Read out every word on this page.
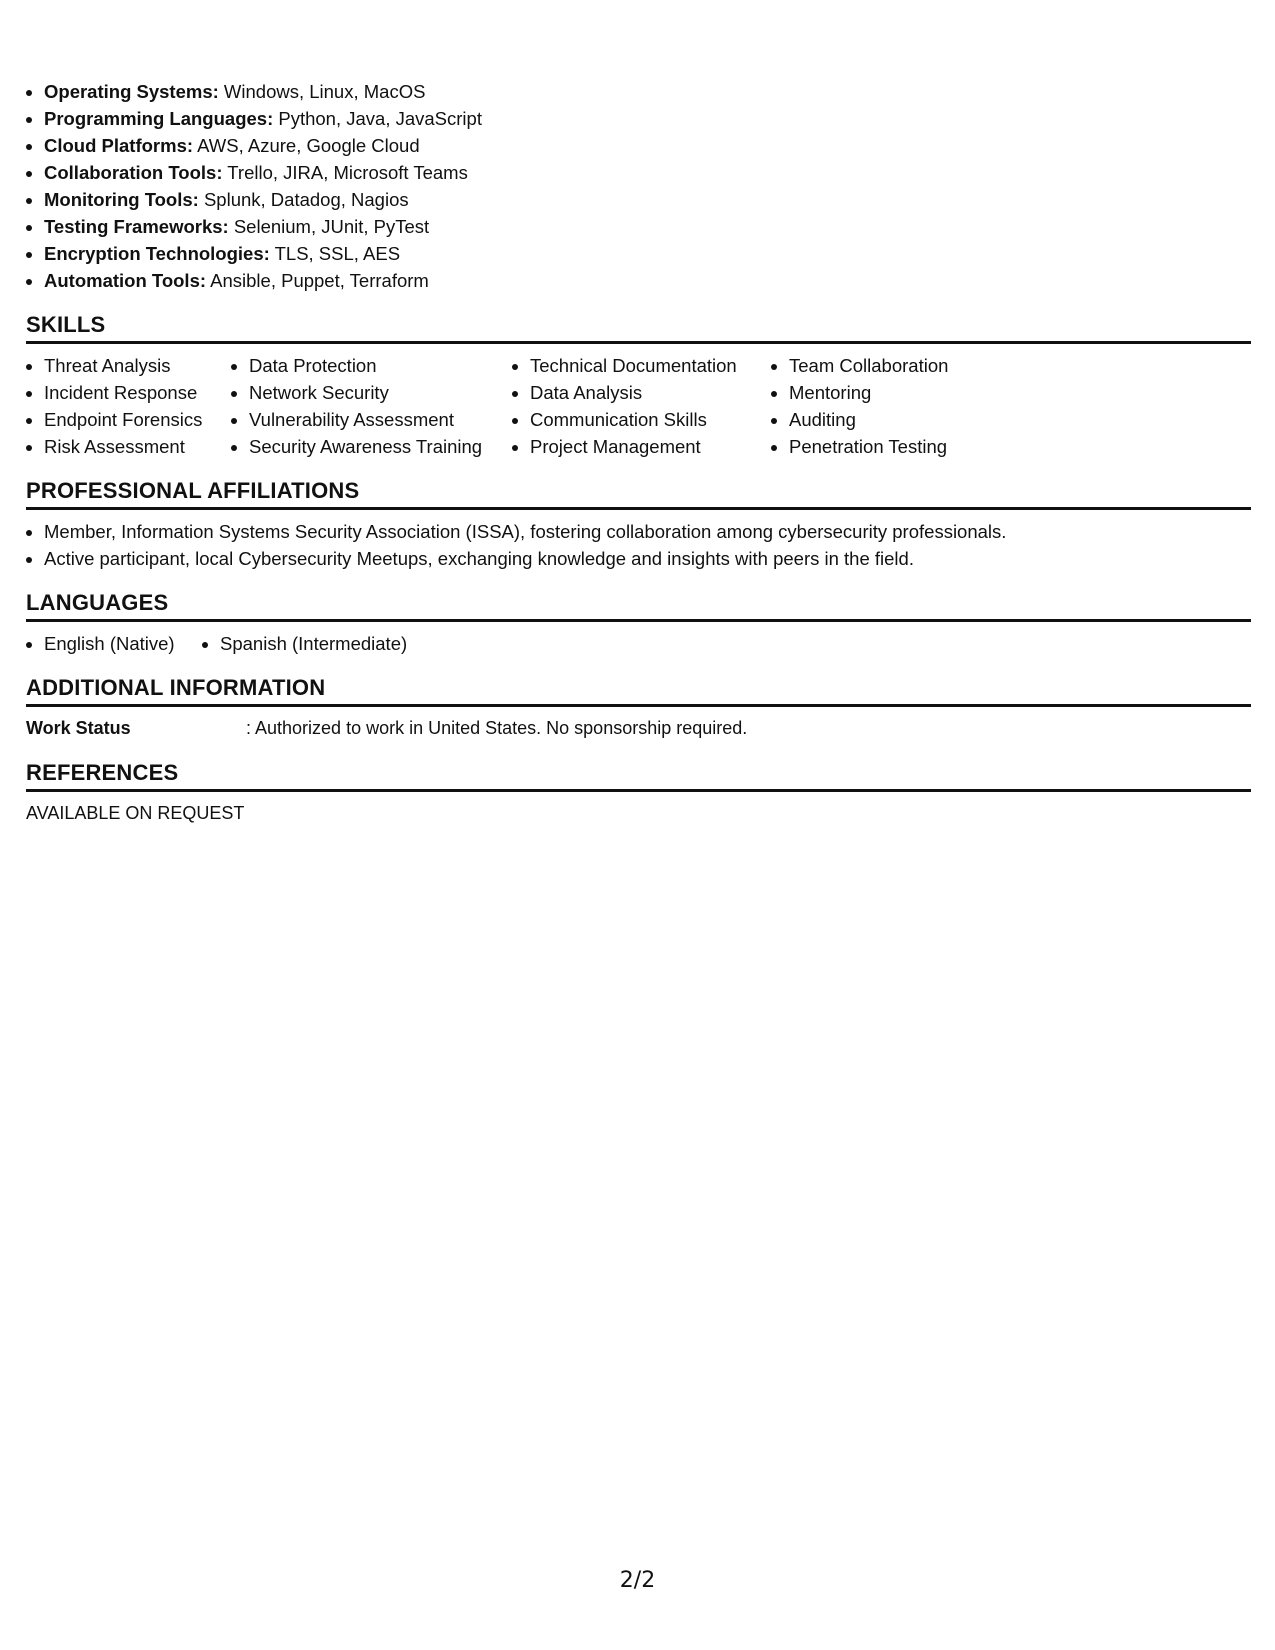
• Operating Systems: Windows, Linux, MacOS
• Programming Languages: Python, Java, JavaScript
• Cloud Platforms: AWS, Azure, Google Cloud
• Collaboration Tools: Trello, JIRA, Microsoft Teams
• Monitoring Tools: Splunk, Datadog, Nagios
• Testing Frameworks: Selenium, JUnit, PyTest
• Encryption Technologies: TLS, SSL, AES
• Automation Tools: Ansible, Puppet, Terraform
SKILLS
• Threat Analysis
• Incident Response
• Endpoint Forensics
• Risk Assessment
• Data Protection
• Network Security
• Vulnerability Assessment
• Security Awareness Training
• Technical Documentation
• Data Analysis
• Communication Skills
• Project Management
• Team Collaboration
• Mentoring
• Auditing
• Penetration Testing
PROFESSIONAL AFFILIATIONS
• Member, Information Systems Security Association (ISSA), fostering collaboration among cybersecurity professionals.
• Active participant, local Cybersecurity Meetups, exchanging knowledge and insights with peers in the field.
LANGUAGES
• English (Native)
•	Spanish (Intermediate)
ADDITIONAL INFORMATION
Work Status	: Authorized to work in United States. No sponsorship required.
REFERENCES
AVAILABLE ON REQUEST
2/2
